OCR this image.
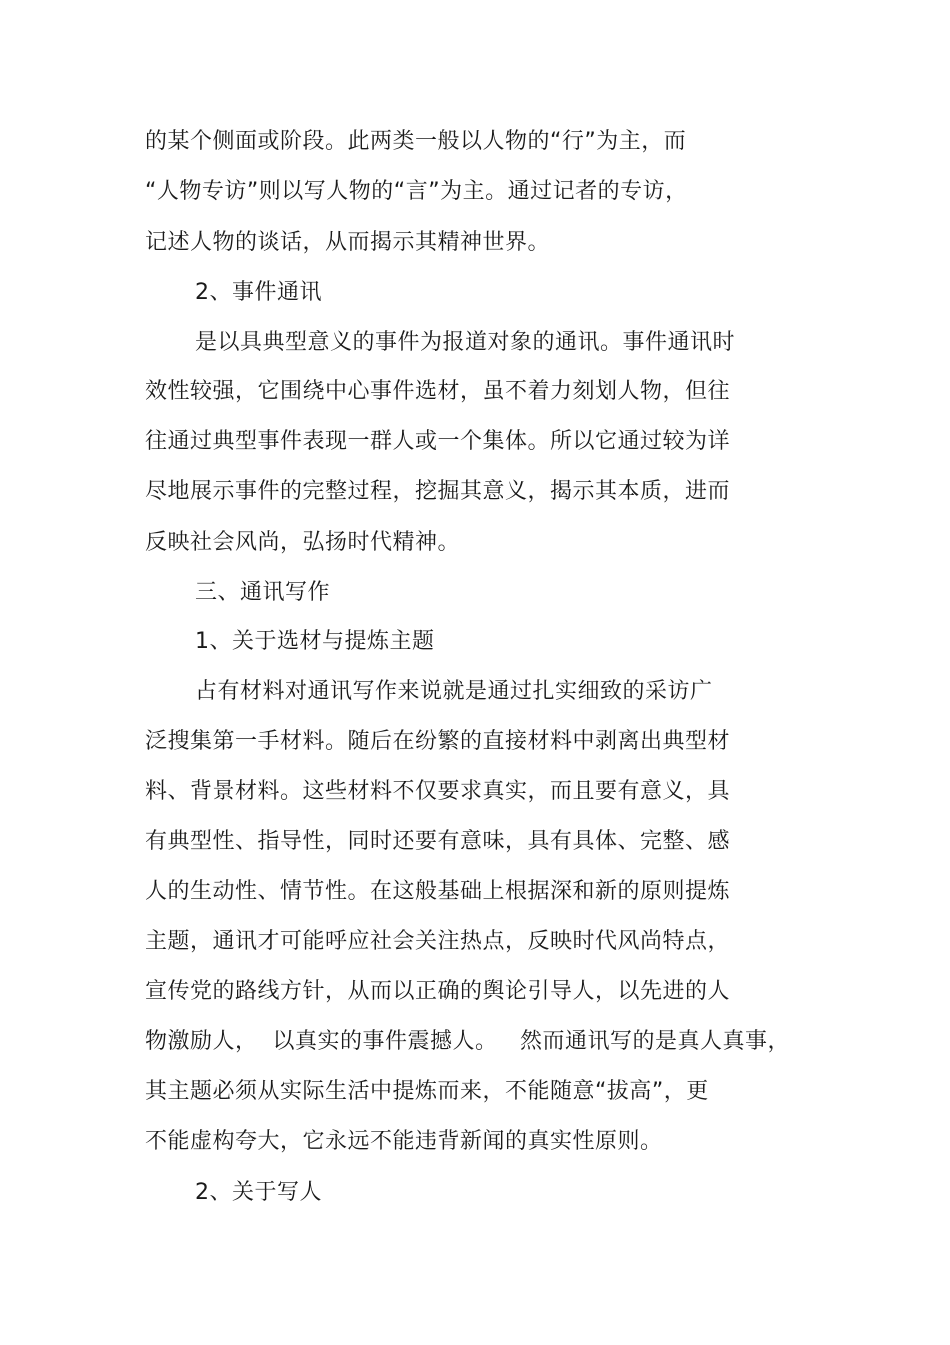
的某个侧面或阶段。此两类一般以人物的“行”为主，而
“人物专访”则以写人物的“言”为主。通过记者的专访，
记述人物的谈话，从而揭示其精神世界。
2、事件通讯
是以具典型意义的事件为报道对象的通讯。事件通讯时
效性较强，它围绕中心事件选材，虽不着力刻划人物，但往
往通过典型事件表现一群人或一个集体。所以它通过较为详
尽地展示事件的完整过程，挖掘其意义，揭示其本质，进而
反映社会风尚，弘扬时代精神。
三、通讯写作
1、关于选材与提炼主题
占有材料对通讯写作来说就是通过扎实细致的采访广
泛搜集第一手材料。随后在纷繁的直接材料中剥离出典型材
料、背景材料。这些材料不仅要求真实，而且要有意义，具
有典型性、指导性，同时还要有意味，具有具体、完整、感
人的生动性、情节性。在这般基础上根据深和新的原则提炼
主题，通讯才可能呼应社会关注热点，反映时代风尚特点，
宣传党的路线方针，从而以正确的舆论引导人，以先进的人
物激励人，  以真实的事件震撼人。   然而通讯写的是真人真事，
其主题必须从实际生活中提炼而来，不能随意“拔高”，更
不能虚构夸大，它永远不能违背新闻的真实性原则。
2、关于写人
